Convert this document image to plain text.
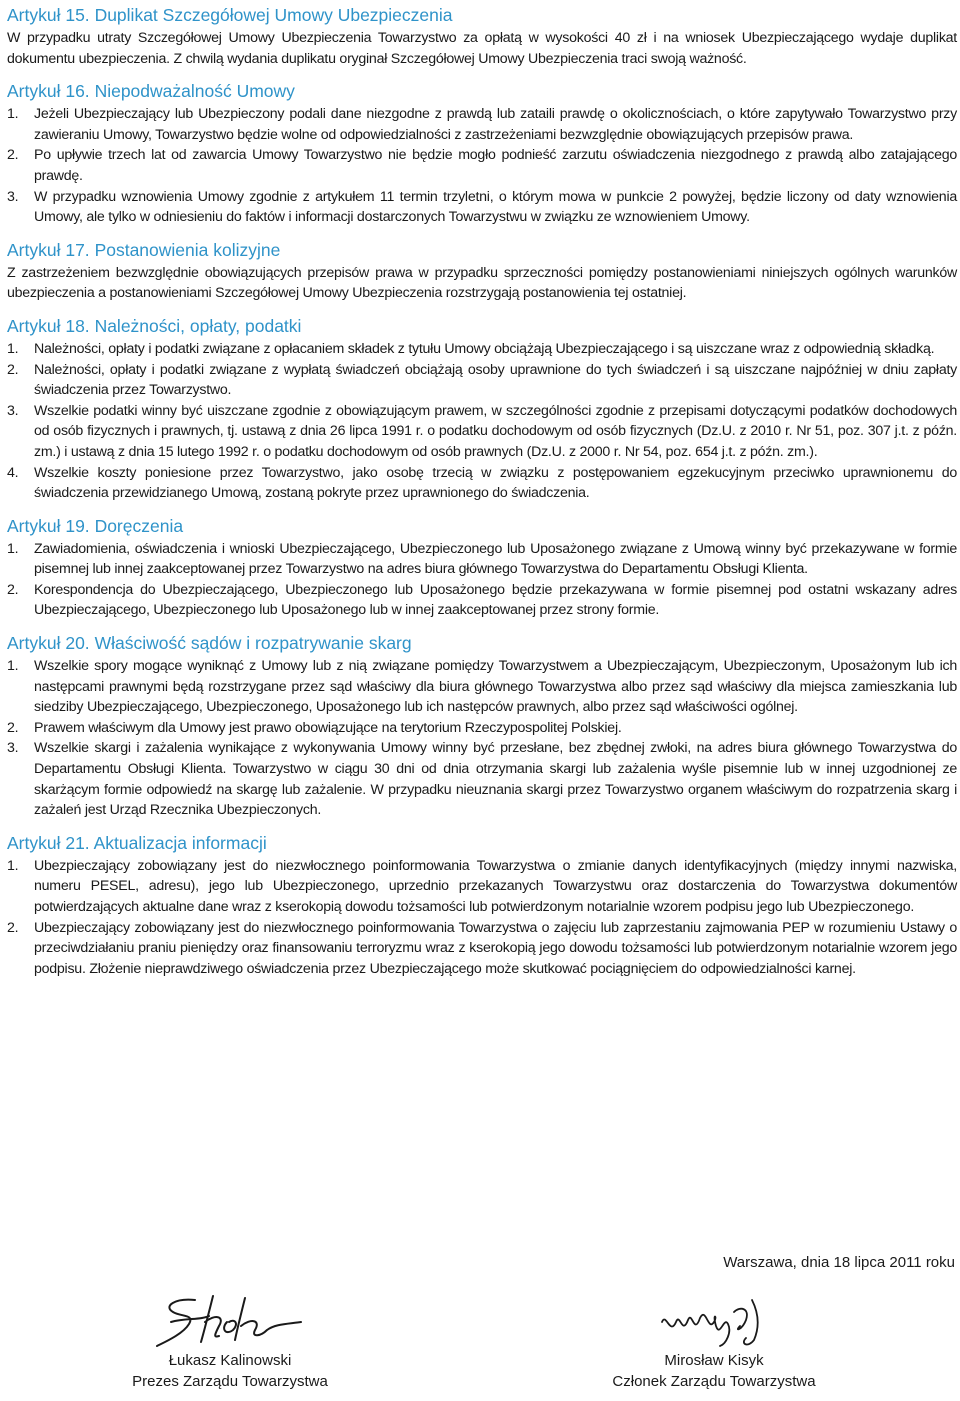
Artykuł 15. Duplikat Szczegółowej Umowy Ubezpieczenia

W przypadku utraty Szczegółowej Umowy Ubezpieczenia Towarzystwo za opłatą w wysokości 40 zł i na wniosek Ubezpieczającego wydaje duplikat dokumentu ubezpieczenia. Z chwilą wydania duplikatu oryginał Szczegółowej Umowy Ubezpieczenia traci swoją ważność.

Artykuł 16. Niepodważalność Umowy
1. Jeżeli Ubezpieczający lub Ubezpieczony podali dane niezgodne z prawdą lub zataili prawdę o okolicznościach, o które zapytywało Towarzystwo przy zawieraniu Umowy, Towarzystwo będzie wolne od odpowiedzialności z zastrzeżeniami bezwzględnie obowiązujących przepisów prawa.
2. Po upływie trzech lat od zawarcia Umowy Towarzystwo nie będzie mogło podnieść zarzutu oświadczenia niezgodnego z prawdą albo zatajającego prawdę.
3. W przypadku wznowienia Umowy zgodnie z artykułem 11 termin trzyletni, o którym mowa w punkcie 2 powyżej, będzie liczony od daty wznowienia Umowy, ale tylko w odniesieniu do faktów i informacji dostarczonych Towarzystwu w związku ze wznowieniem Umowy.
Artykuł 17. Postanowienia kolizyjne

Z zastrzeżeniem bezwzględnie obowiązujących przepisów prawa w przypadku sprzeczności pomiędzy postanowieniami niniejszych ogólnych warunków ubezpieczenia a postanowieniami Szczegółowej Umowy Ubezpieczenia rozstrzygają postanowienia tej ostatniej.

Artykuł 18. Należności, opłaty, podatki
1. Należności, opłaty i podatki związane z opłacaniem składek z tytułu Umowy obciążają Ubezpieczającego i są uiszczane wraz z odpowiednią składką.
2. Należności, opłaty i podatki związane z wypłatą świadczeń obciążają osoby uprawnione do tych świadczeń i są uiszczane najpóźniej w dniu zapłaty świadczenia przez Towarzystwo.
3. Wszelkie podatki winny być uiszczane zgodnie z obowiązującym prawem, w szczególności zgodnie z przepisami dotyczącymi podatków dochodowych od osób fizycznych i prawnych, tj. ustawą z dnia 26 lipca 1991 r. o podatku dochodowym od osób fizycznych (Dz.U. z 2010 r. Nr 51, poz. 307 j.t. z późn. zm.) i ustawą z dnia 15 lutego 1992 r. o podatku dochodowym od osób prawnych (Dz.U. z 2000 r. Nr 54, poz. 654 j.t. z późn. zm.).
4. Wszelkie koszty poniesione przez Towarzystwo, jako osobę trzecią w związku z postępowaniem egzekucyjnym przeciwko uprawnionemu do świadczenia przewidzianego Umową, zostaną pokryte przez uprawnionego do świadczenia.
Artykuł 19. Doręczenia
1. Zawiadomienia, oświadczenia i wnioski Ubezpieczającego, Ubezpieczonego lub Uposażonego związane z Umową winny być przekazywane w formie pisemnej lub innej zaakceptowanej przez Towarzystwo na adres biura głównego Towarzystwa do Departamentu Obsługi Klienta.
2. Korespondencja do Ubezpieczającego, Ubezpieczonego lub Uposażonego będzie przekazywana w formie pisemnej pod ostatni wskazany adres Ubezpieczającego, Ubezpieczonego lub Uposażonego lub w innej zaakceptowanej przez strony formie.
Artykuł 20. Właściwość sądów i rozpatrywanie skarg
1. Wszelkie spory mogące wyniknąć z Umowy lub z nią związane pomiędzy Towarzystwem a Ubezpieczającym, Ubezpieczonym, Uposażonym lub ich następcami prawnymi będą rozstrzygane przez sąd właściwy dla biura głównego Towarzystwa albo przez sąd właściwy dla miejsca zamieszkania lub siedziby Ubezpieczającego, Ubezpieczonego, Uposażonego lub ich następców prawnych, albo przez sąd właściwości ogólnej.
2. Prawem właściwym dla Umowy jest prawo obowiązujące na terytorium Rzeczypospolitej Polskiej.
3. Wszelkie skargi i zażalenia wynikające z wykonywania Umowy winny być przesłane, bez zbędnej zwłoki, na adres biura głównego Towarzystwa do Departamentu Obsługi Klienta. Towarzystwo w ciągu 30 dni od dnia otrzymania skargi lub zażalenia wyśle pisemnie lub w innej uzgodnionej ze skarżącym formie odpowiedź na skargę lub zażalenie. W przypadku nieuznania skargi przez Towarzystwo organem właściwym do rozpatrzenia skarg i zażaleń jest Urząd Rzecznika Ubezpieczonych.
Artykuł 21. Aktualizacja informacji
1. Ubezpieczający zobowiązany jest do niezwłocznego poinformowania Towarzystwa o zmianie danych identyfikacyjnych (między innymi nazwiska, numeru PESEL, adresu), jego lub Ubezpieczonego, uprzednio przekazanych Towarzystwu oraz dostarczenia do Towarzystwa dokumentów potwierdzających aktualne dane wraz z kserokopią dowodu tożsamości lub potwierdzonym notarialnie wzorem podpisu jego lub Ubezpieczonego.
2. Ubezpieczający zobowiązany jest do niezwłocznego poinformowania Towarzystwa o zajęciu lub zaprzestaniu zajmowania PEP w rozumieniu Ustawy o przeciwdziałaniu praniu pieniędzy oraz finansowaniu terroryzmu wraz z kserokopią jego dowodu tożsamości lub potwierdzonym notarialnie wzorem jego podpisu. Złożenie nieprawdziwego oświadczenia przez Ubezpieczającego może skutkować pociągnięciem do odpowiedzialności karnej.
Warszawa, dnia 18 lipca 2011 roku
Łukasz Kalinowski
Prezes Zarządu Towarzystwa
Mirosław Kisyk
Członek Zarządu Towarzystwa
